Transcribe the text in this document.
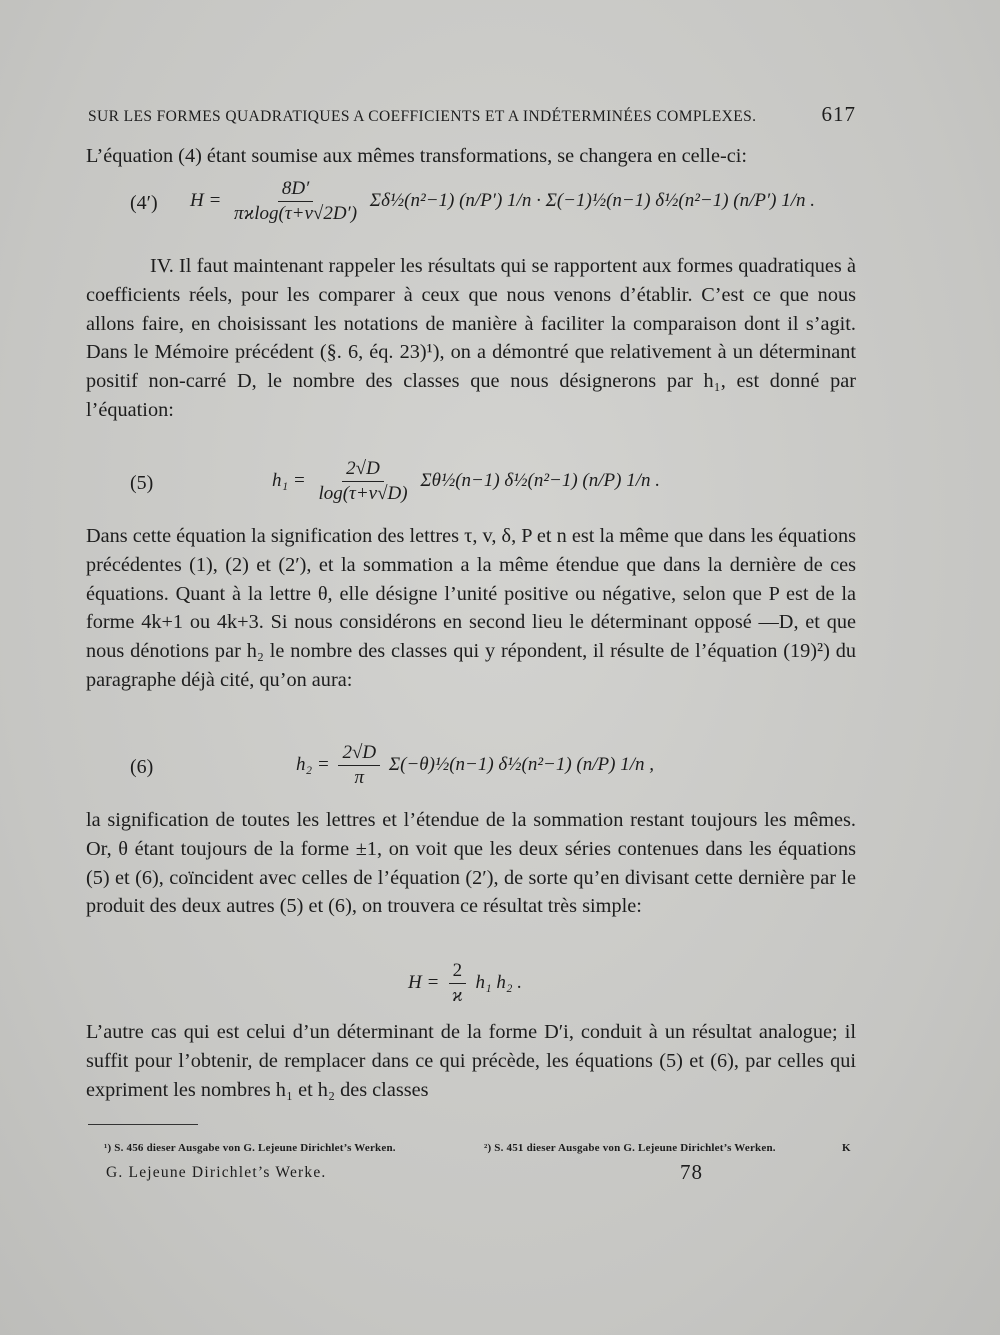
SUR LES FORMES QUADRATIQUES A COEFFICIENTS ET A INDÉTERMINÉES COMPLEXES.	617

L’équation (4) étant soumise aux mêmes transformations, se changera en celle-ci:

(4′) $H = \frac{8D'}{\pi ϰ\log(\tau+v√2D')}$ Σδ½(n²−1) (n/P′) 1/n · Σ(−1)½(n−1) δ½(n²−1) (n/P′) 1/n .

IV. Il faut maintenant rappeler les résultats qui se rapportent aux formes quadratiques à coefficients réels, pour les comparer à ceux que nous venons d’établir. C’est ce que nous allons faire, en choisissant les notations de manière à faciliter la comparaison dont il s’agit. Dans le Mémoire précédent (§. 6, éq. 23)¹), on a démontré que relativement à un déterminant positif non-carré D, le nombre des classes que nous désignerons par h₁, est donné par l’équation:

(5)	$h_1 = \frac{2√D}{\log(\tau+v√D)}$ Σθ½(n−1) δ½(n²−1) (n/P) 1/n .

Dans cette équation la signification des lettres τ, v, δ, P et n est la même que dans les équations précédentes (1), (2) et (2′), et la sommation a la même étendue que dans la dernière de ces équations. Quant à la lettre θ, elle désigne l’unité positive ou négative, selon que P est de la forme 4k+1 ou 4k+3. Si nous considérons en second lieu le déterminant opposé —D, et que nous dénotions par h₂ le nombre des classes qui y répondent, il résulte de l’équation (19)²) du paragraphe déjà cité, qu’on aura:

(6)	$h_2 = \frac{2√D}{\pi}$ Σ(−θ)½(n−1) δ½(n²−1) (n/P) 1/n ,

la signification de toutes les lettres et l’étendue de la sommation restant toujours les mêmes. Or, θ étant toujours de la forme ±1, on voit que les deux séries contenues dans les équations (5) et (6), coïncident avec celles de l’équation (2′), de sorte qu’en divisant cette dernière par le produit des deux autres (5) et (6), on trouvera ce résultat très simple:

$H = \frac{2}{ϰ} h_1$ h₂ .

L’autre cas qui est celui d’un déterminant de la forme D′i, conduit à un résultat analogue; il suffit pour l’obtenir, de remplacer dans ce qui précède, les équations (5) et (6), par celles qui expriment les nombres h₁ et h₂ des classes

¹) S. 456 dieser Ausgabe von G. Lejeune Dirichlet’s Werken.	²) S. 451 dieser Ausgabe von G. Lejeune Dirichlet’s Werken.	K
G. Lejeune Dirichlet’s Werke.	78
